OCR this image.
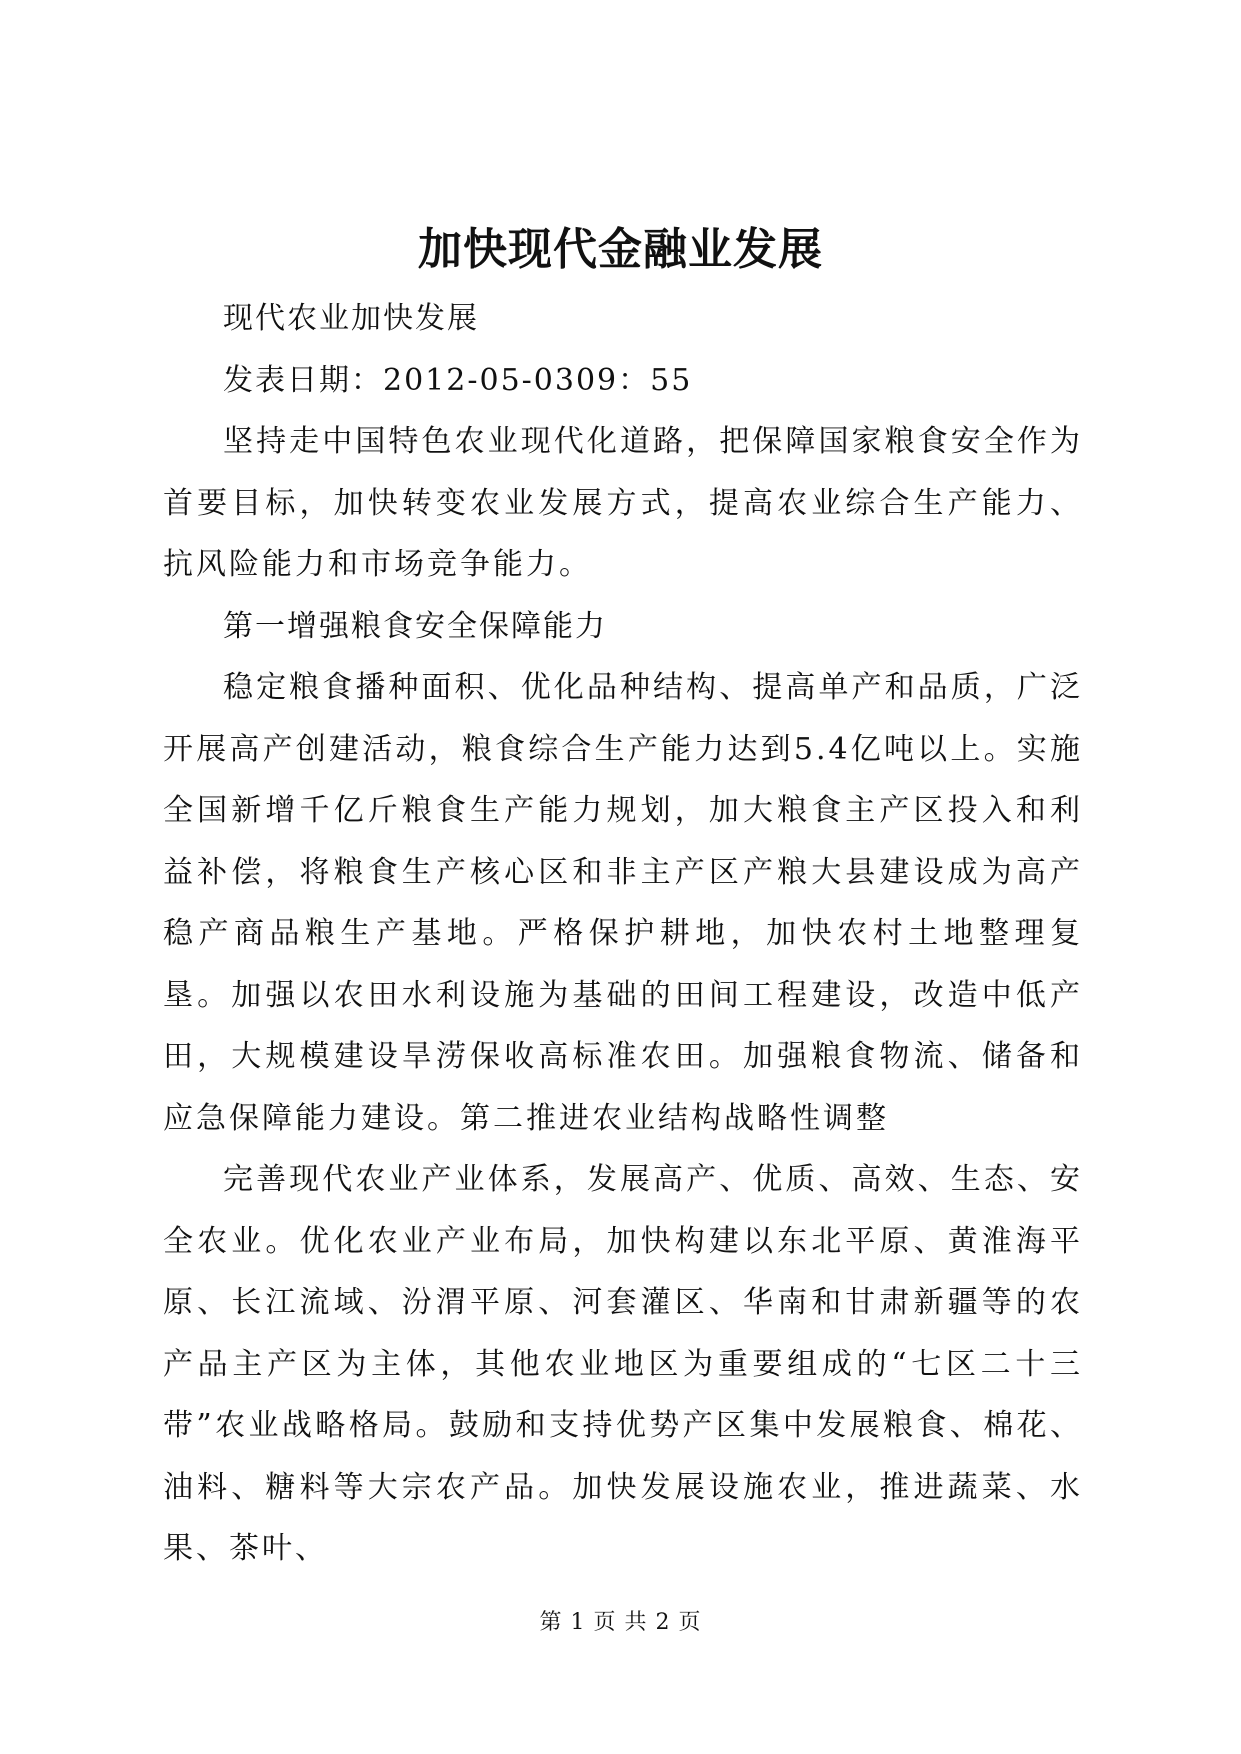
加快现代金融业发展

现代农业加快发展

发表日期：2012-05-0309：55

坚持走中国特色农业现代化道路，把保障国家粮食安全作为首要目标，加快转变农业发展方式，提高农业综合生产能力、抗风险能力和市场竞争能力。

第一增强粮食安全保障能力

稳定粮食播种面积、优化品种结构、提高单产和品质，广泛开展高产创建活动，粮食综合生产能力达到5.4亿吨以上。实施全国新增千亿斤粮食生产能力规划，加大粮食主产区投入和利益补偿，将粮食生产核心区和非主产区产粮大县建设成为高产稳产商品粮生产基地。严格保护耕地，加快农村土地整理复垦。加强以农田水利设施为基础的田间工程建设，改造中低产田，大规模建设旱涝保收高标准农田。加强粮食物流、储备和应急保障能力建设。第二推进农业结构战略性调整

完善现代农业产业体系，发展高产、优质、高效、生态、安全农业。优化农业产业布局，加快构建以东北平原、黄淮海平原、长江流域、汾渭平原、河套灌区、华南和甘肃新疆等的农产品主产区为主体，其他农业地区为重要组成的“七区二十三带”农业战略格局。鼓励和支持优势产区集中发展粮食、棉花、油料、糖料等大宗农产品。加快发展设施农业，推进蔬菜、水果、茶叶、

第 1 页 共 2 页
